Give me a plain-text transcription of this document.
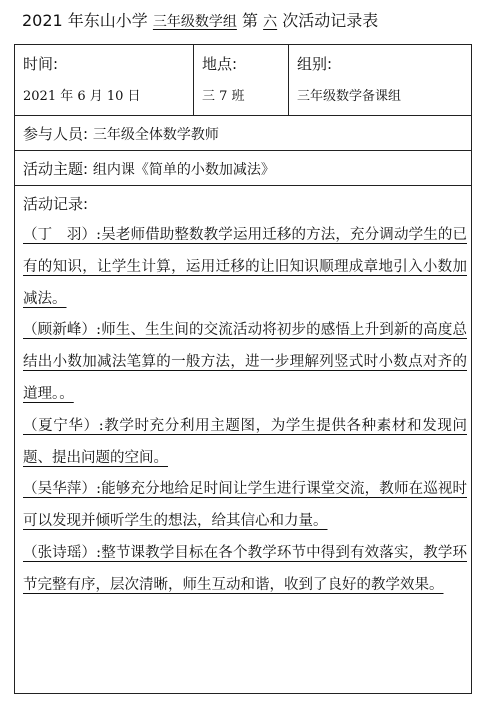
2021 年东山小学 三年级数学组 第 六 次活动记录表
时间:
2021 年 6 月 10 日
地点:
三 7 班
组别:
三年级数学备课组
参与人员: 三年级全体数学教师
活动主题: 组内课《简单的小数加减法》
活动记录:
（丁　羽）:吴老师借助整数教学运用迁移的方法，充分调动学生的已有的知识，让学生计算，运用迁移的让旧知识顺理成章地引入小数加减法。
（顾新峰）:师生、生生间的交流活动将初步的感悟上升到新的高度总结出小数加减法笔算的一般方法，进一步理解列竖式时小数点对齐的道理。。
（夏宁华）:教学时充分利用主题图，为学生提供各种素材和发现问题、提出问题的空间。
（吴华萍）:能够充分地给足时间让学生进行课堂交流，教师在巡视时可以发现并倾听学生的想法，给其信心和力量。
（张诗瑶）:整节课教学目标在各个教学环节中得到有效落实，教学环节完整有序，层次清晰，师生互动和谐，收到了良好的教学效果。
